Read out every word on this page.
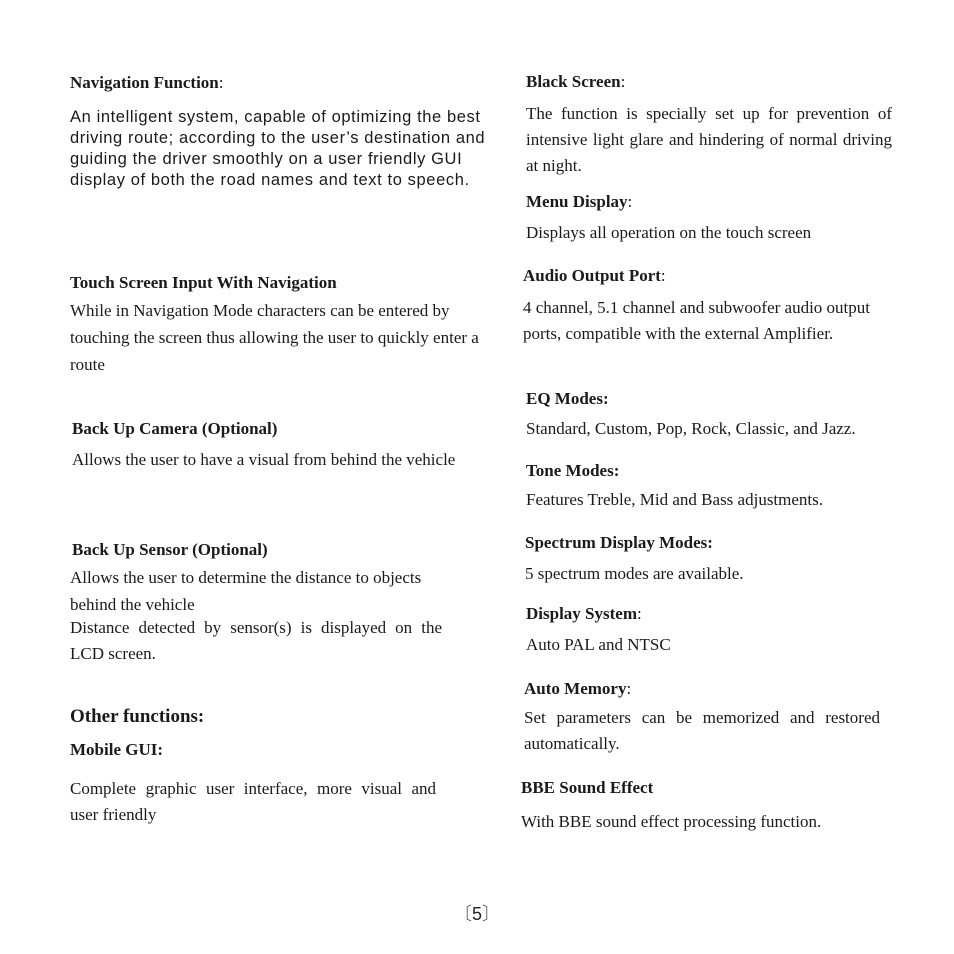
Navigation Function:
An intelligent system, capable of optimizing the best driving route; according to the user’s destination and guiding the driver smoothly on a user friendly GUI display of both the road names and text to speech.
Touch Screen Input With Navigation
While in Navigation Mode characters can be entered by touching the screen thus allowing the user to quickly enter a route
Back Up Camera (Optional)
Allows the user to have a visual from behind the vehicle
Back Up Sensor (Optional)
Allows the user to determine the distance to objects behind the vehicle
Distance detected by sensor(s) is displayed on the LCD screen.
Other functions:
Mobile GUI:
Complete graphic user interface, more visual and user friendly
Black Screen:
The function is specially set up for prevention of intensive light glare and hindering of normal driving at night.
Menu Display:
Displays all operation on the touch screen
Audio Output Port:
4 channel, 5.1 channel and subwoofer audio output ports, compatible with the external Amplifier.
EQ Modes:
Standard, Custom, Pop, Rock, Classic, and Jazz.
Tone Modes:
Features Treble, Mid and Bass adjustments.
Spectrum Display Modes:
5 spectrum modes are available.
Display System:
Auto PAL and NTSC
Auto Memory:
Set parameters can be memorized and restored automatically.
BBE Sound Effect
With BBE sound effect processing function.
〔5〕
